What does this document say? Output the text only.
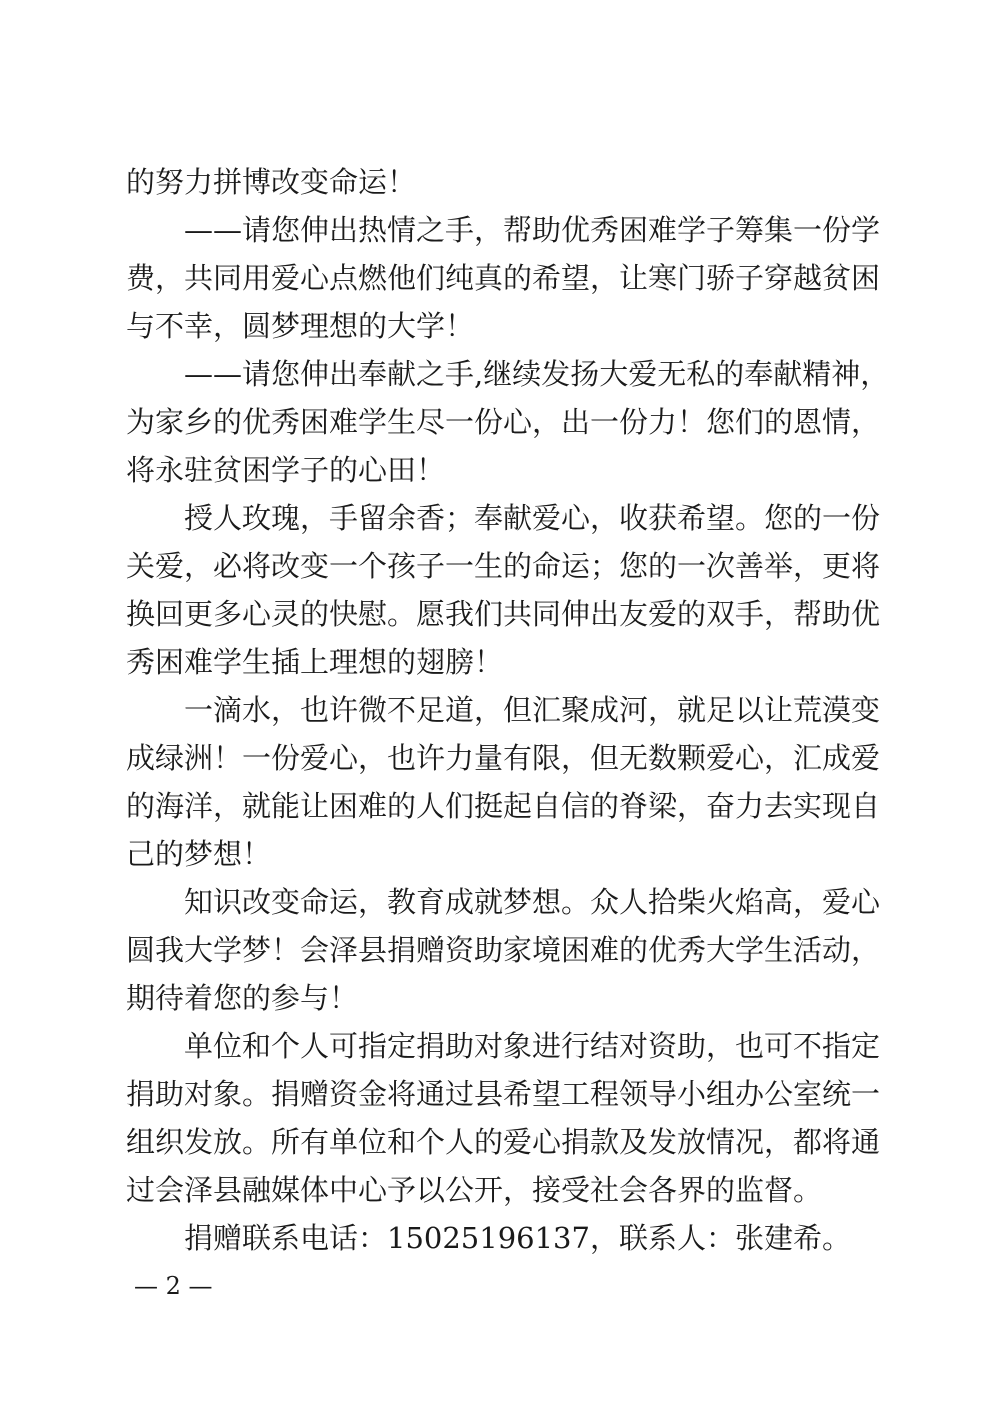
的努力拼博改变命运！
——请您伸出热情之手，帮助优秀困难学子筹集一份学
费，共同用爱心点燃他们纯真的希望，让寒门骄子穿越贫困
与不幸，圆梦理想的大学！
——请您伸出奉献之手,继续发扬大爱无私的奉献精神，
为家乡的优秀困难学生尽一份心，出一份力！您们的恩情，
将永驻贫困学子的心田！
授人玫瑰，手留余香；奉献爱心，收获希望。您的一份
关爱，必将改变一个孩子一生的命运；您的一次善举，更将
换回更多心灵的快慰。愿我们共同伸出友爱的双手，帮助优
秀困难学生插上理想的翅膀！
一滴水，也许微不足道，但汇聚成河，就足以让荒漠变
成绿洲！一份爱心，也许力量有限，但无数颗爱心，汇成爱
的海洋，就能让困难的人们挺起自信的脊梁，奋力去实现自
己的梦想！
知识改变命运，教育成就梦想。众人拾柴火焰高，爱心
圆我大学梦！会泽县捐赠资助家境困难的优秀大学生活动，
期待着您的参与！
单位和个人可指定捐助对象进行结对资助，也可不指定
捐助对象。捐赠资金将通过县希望工程领导小组办公室统一
组织发放。所有单位和个人的爱心捐款及发放情况，都将通
过会泽县融媒体中心予以公开，接受社会各界的监督。
捐赠联系电话：15025196137，联系人：张建希。
— 2 —
